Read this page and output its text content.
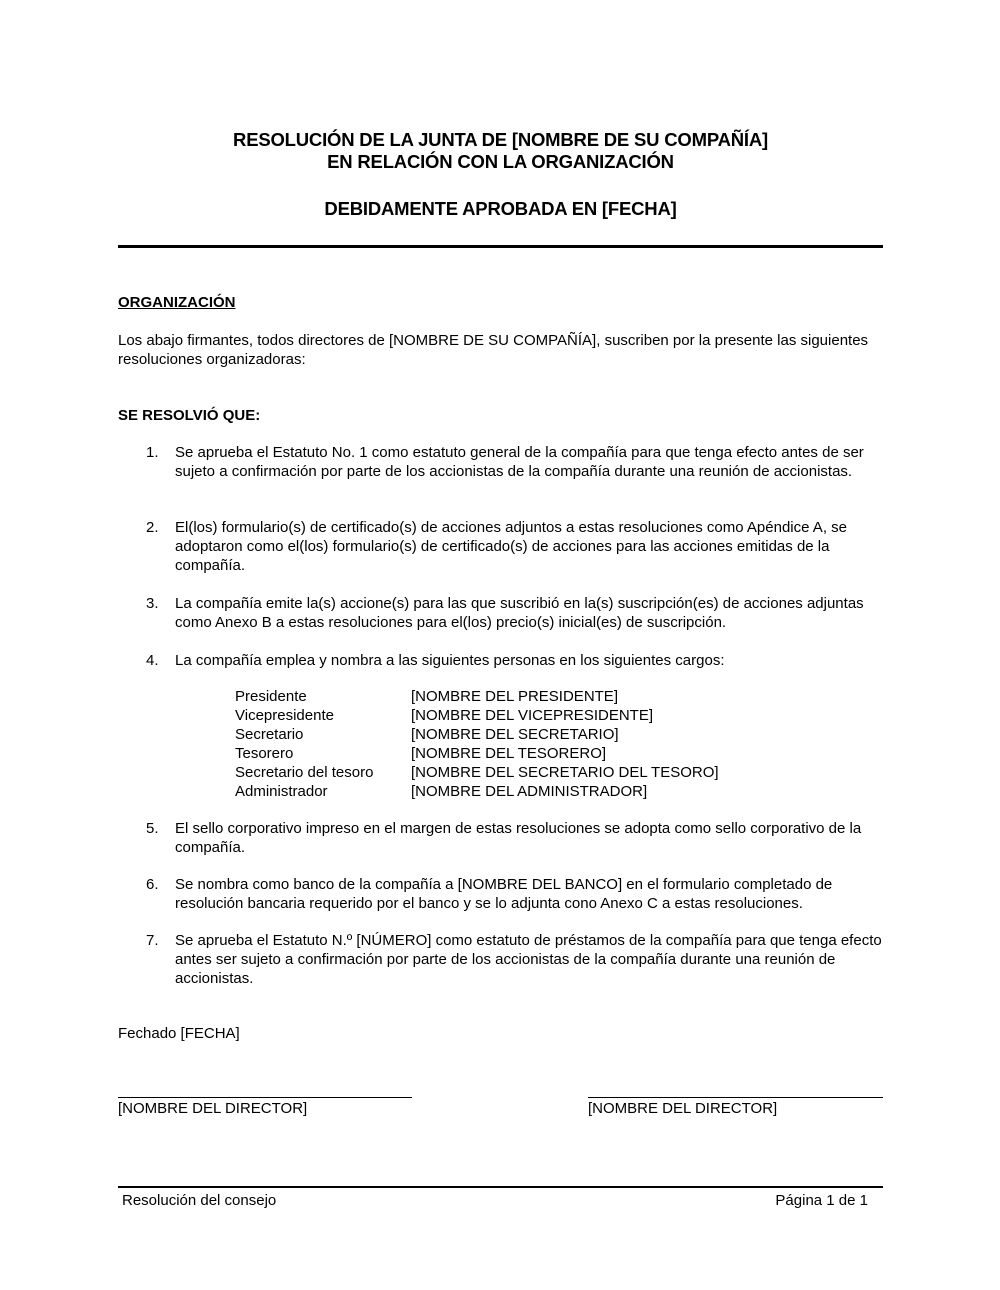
RESOLUCIÓN DE LA JUNTA DE [NOMBRE DE SU COMPAÑÍA]
EN RELACIÓN CON LA ORGANIZACIÓN
DEBIDAMENTE APROBADA EN [FECHA]
ORGANIZACIÓN
Los abajo firmantes, todos directores de [NOMBRE DE SU COMPAÑÍA], suscriben por la presente las siguientes resoluciones organizadoras:
SE RESOLVIÓ QUE:
1.	Se aprueba el Estatuto No. 1 como estatuto general de la compañía para que tenga efecto antes de ser sujeto a confirmación por parte de los accionistas de la compañía durante una reunión de accionistas.
2.	El(los) formulario(s) de certificado(s) de acciones adjuntos a estas resoluciones como Apéndice A, se adoptaron como el(los) formulario(s) de certificado(s) de acciones para las acciones emitidas de la compañía.
3.	La compañía emite la(s) accione(s) para las que suscribió en la(s) suscripción(es) de acciones adjuntas como Anexo B a estas resoluciones para el(los) precio(s) inicial(es) de suscripción.
4.	La compañía emplea y nombra a las siguientes personas en los siguientes cargos:
Presidente	[NOMBRE DEL PRESIDENTE]
Vicepresidente	[NOMBRE DEL VICEPRESIDENTE]
Secretario	[NOMBRE DEL SECRETARIO]
Tesorero	[NOMBRE DEL TESORERO]
Secretario del tesoro	[NOMBRE DEL SECRETARIO DEL TESORO]
Administrador	[NOMBRE DEL ADMINISTRADOR]
5.	El sello corporativo impreso en el margen de estas resoluciones se adopta como sello corporativo de la compañía.
6.	Se nombra como banco de la compañía a [NOMBRE DEL BANCO] en el formulario completado de resolución bancaria requerido por el banco y se lo adjunta cono Anexo C a estas resoluciones.
7.	Se aprueba el Estatuto N.º [NÚMERO] como estatuto de préstamos de la compañía para que tenga efecto antes ser sujeto a confirmación por parte de los accionistas de la compañía durante una reunión de accionistas.
Fechado [FECHA]
[NOMBRE DEL DIRECTOR]	[NOMBRE DEL DIRECTOR]
Resolución del consejo	Página 1 de 1
